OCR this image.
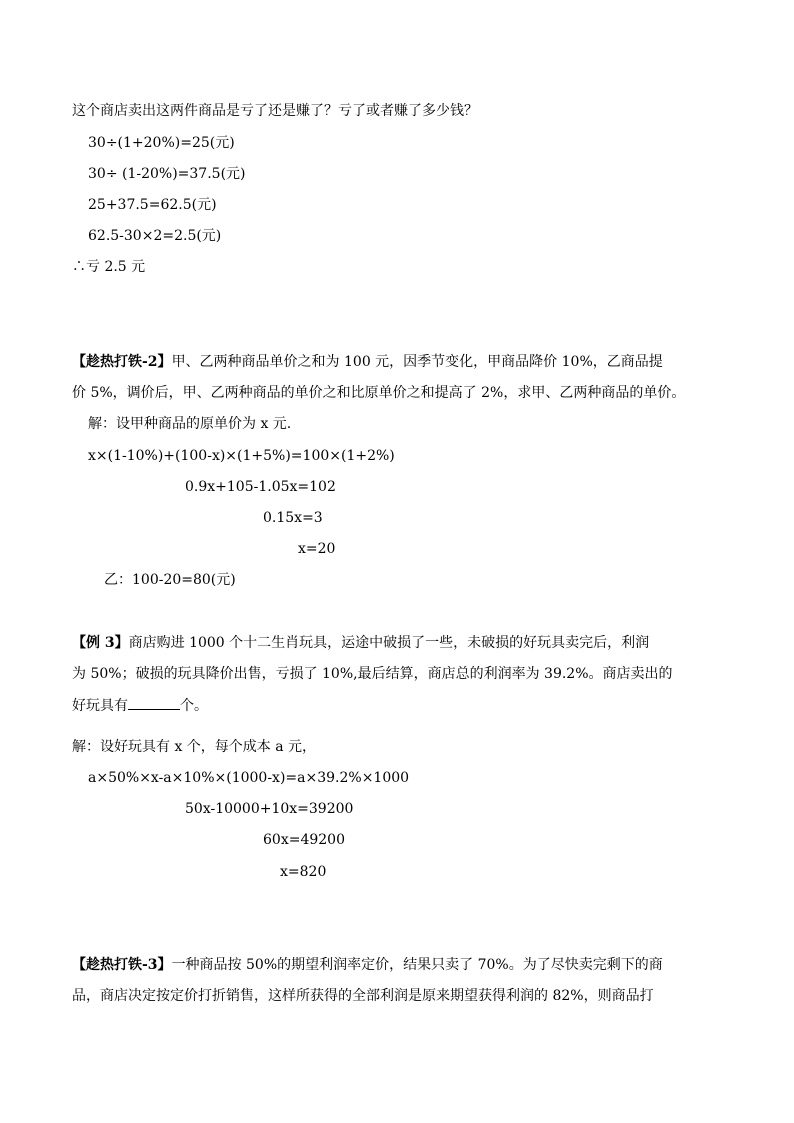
这个商店卖出这两件商品是亏了还是赚了？亏了或者赚了多少钱？
30÷(1+20%)=25(元)
30÷ (1-20%)=37.5(元)
25+37.5=62.5(元)
62.5-30×2=2.5(元)
∴亏 2.5 元
【趁热打铁-2】甲、乙两种商品单价之和为 100 元，因季节变化，甲商品降价 10%，乙商品提
价 5%，调价后，甲、乙两种商品的单价之和比原单价之和提高了 2%，求甲、乙两种商品的单价。
解：设甲种商品的原单价为 x 元.
x×(1-10%)+(100-x)×(1+5%)=100×(1+2%)
0.9x+105-1.05x=102
0.15x=3
x=20
乙：100-20=80(元)
【例 3】商店购进 1000 个十二生肖玩具，运途中破损了一些，未破损的好玩具卖完后，利润
为 50%；破损的玩具降价出售，亏损了 10%,最后结算，商店总的利润率为 39.2%。商店卖出的
好玩具有	个。
解：设好玩具有 x 个，每个成本 a 元，
a×50%×x-a×10%×(1000-x)=a×39.2%×1000
50x-10000+10x=39200
60x=49200
x=820
【趁热打铁-3】一种商品按 50%的期望利润率定价，结果只卖了 70%。为了尽快卖完剩下的商
品，商店决定按定价打折销售，这样所获得的全部利润是原来期望获得利润的 82%，则商品打
